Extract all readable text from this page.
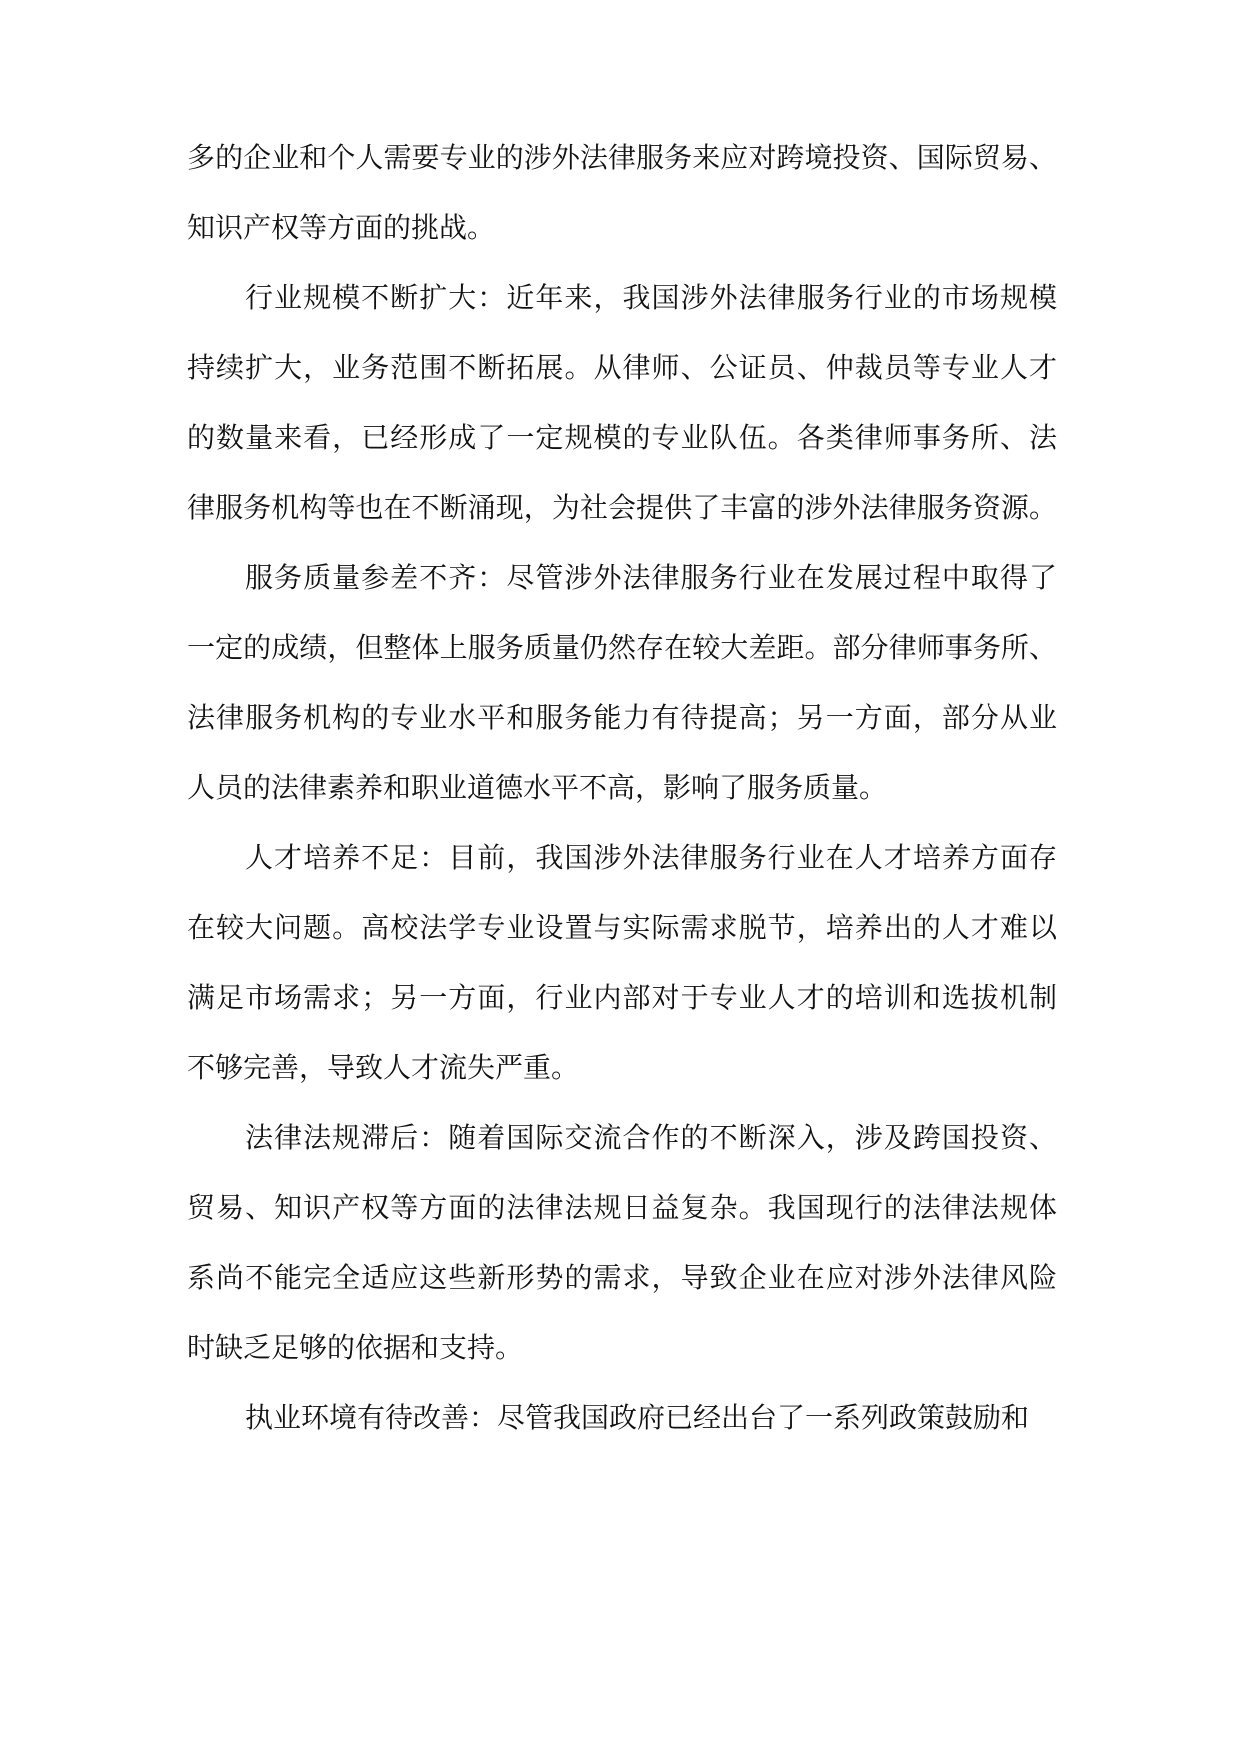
多的企业和个人需要专业的涉外法律服务来应对跨境投资、国际贸易、
知识产权等方面的挑战。
行业规模不断扩大：近年来，我国涉外法律服务行业的市场规模
持续扩大，业务范围不断拓展。从律师、公证员、仲裁员等专业人才
的数量来看，已经形成了一定规模的专业队伍。各类律师事务所、法
律服务机构等也在不断涌现，为社会提供了丰富的涉外法律服务资源。
服务质量参差不齐：尽管涉外法律服务行业在发展过程中取得了
一定的成绩，但整体上服务质量仍然存在较大差距。部分律师事务所、
法律服务机构的专业水平和服务能力有待提高；另一方面，部分从业
人员的法律素养和职业道德水平不高，影响了服务质量。
人才培养不足：目前，我国涉外法律服务行业在人才培养方面存
在较大问题。高校法学专业设置与实际需求脱节，培养出的人才难以
满足市场需求；另一方面，行业内部对于专业人才的培训和选拔机制
不够完善，导致人才流失严重。
法律法规滞后：随着国际交流合作的不断深入，涉及跨国投资、
贸易、知识产权等方面的法律法规日益复杂。我国现行的法律法规体
系尚不能完全适应这些新形势的需求，导致企业在应对涉外法律风险
时缺乏足够的依据和支持。
执业环境有待改善：尽管我国政府已经出台了一系列政策鼓励和
